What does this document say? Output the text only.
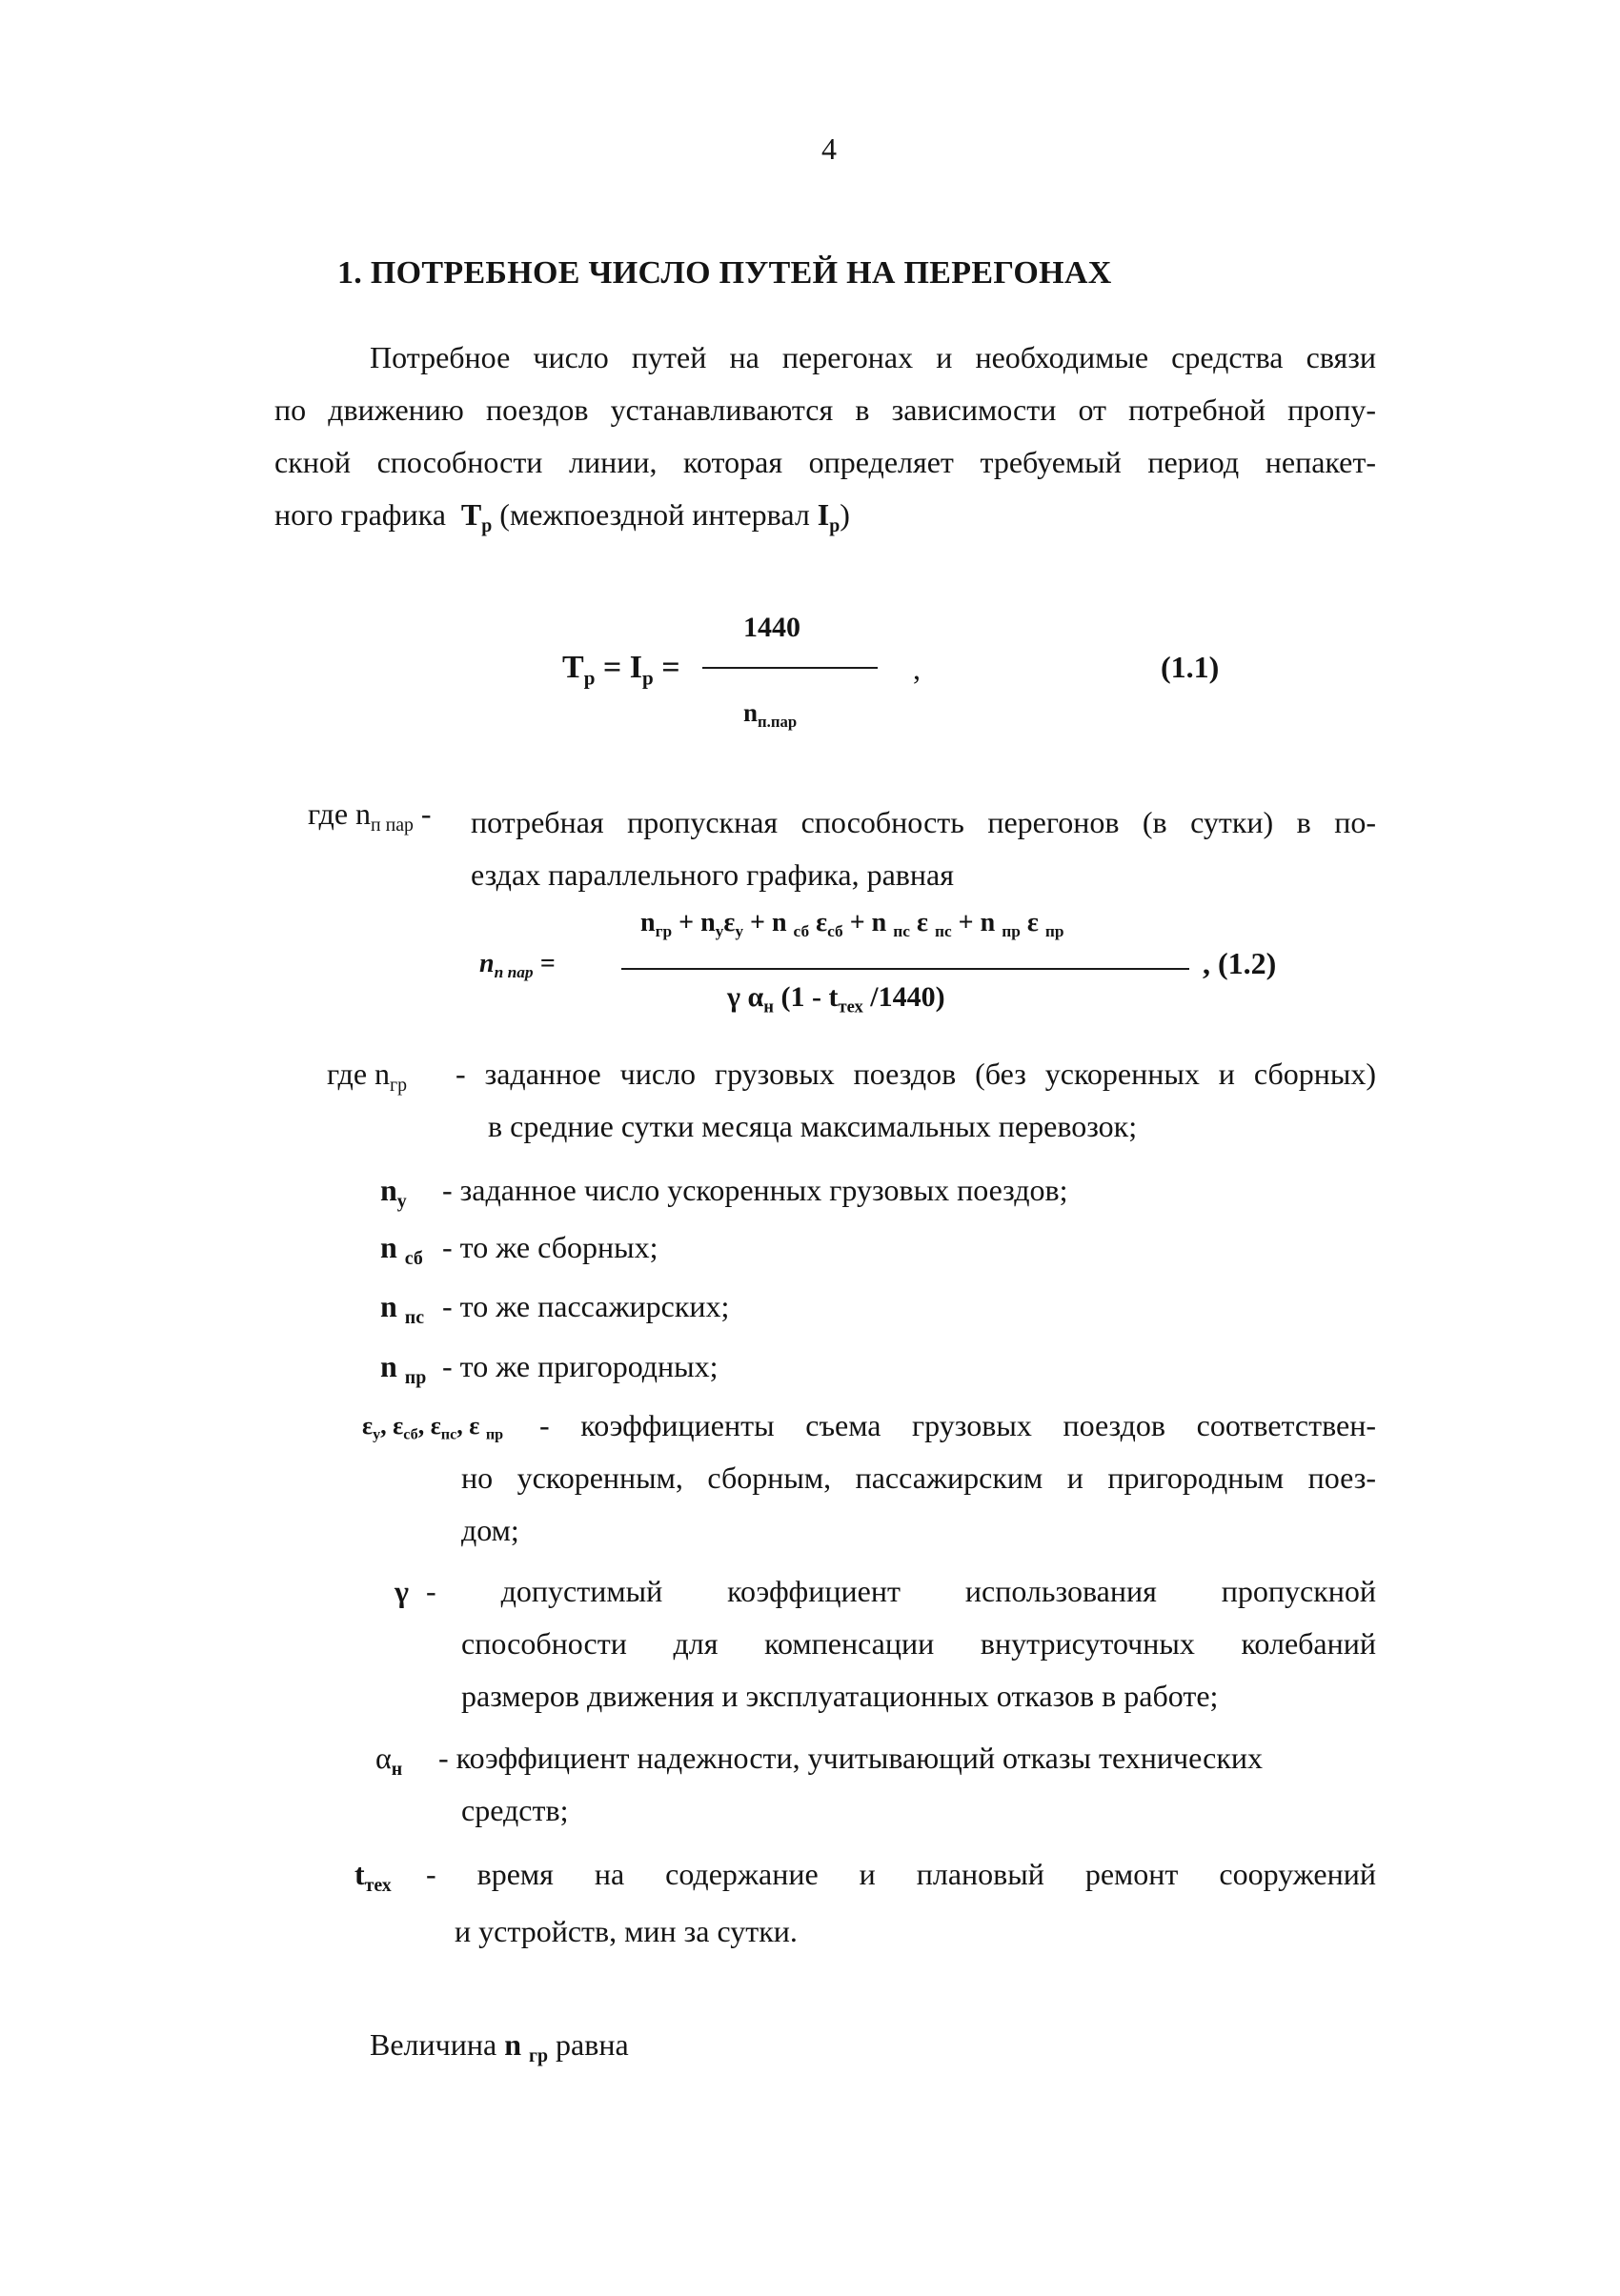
4
1. ПОТРЕБНОЕ ЧИСЛО ПУТЕЙ НА ПЕРЕГОНАХ
Потребное число путей на перегонах и необходимые средства связи
по движению поездов устанавливаются в зависимости от потребной пропу-
скной способности линии, которая определяет требуемый период непакет-
ного графика $T_p$ (межпоездной интервал $I_p$)
$T_p = I_p$ =
1440
$n_{п.пар}$
,	(1.1)
где $n_{п пар}$ - потребная пропускная способность перегонов (в сутки) в по-
ездах параллельного графика, равная
$n_{п пар}$ =
$n_{гр} + n_у\varepsilon_у + n$ $_{сб}$ $\varepsilon_{сб} + n$ $_{пс}$ ε $_{пс}$ + n $_{пр}$ ε $_{пр}$
γ $\alpha_н$ ($1 - t_{тех}$ /1440)
, (1.2)
где $n_{гр}$ - заданное число грузовых поездов (без ускоренных и сборных)
в средние сутки месяца максимальных перевозок;
$n_у$ - заданное число ускоренных грузовых поездов;
n $_{сб}$ - то же сборных;
n $_{пс}$ - то же пассажирских;
n $_{пр}$ - то же пригородных;
$\varepsilon_у$, $\varepsilon_{сб}$, $\varepsilon_{пс}$, ε $_{пр}$ - коэффициенты съема грузовых поездов соответствен-
но ускоренным, сборным, пассажирским и пригородным поез-
дом;
γ - допустимый коэффициент использования пропускной
способности для компенсации внутрисуточных колебаний
размеров движения и эксплуатационных отказов в работе;
$\alpha_н$ - коэффициент надежности, учитывающий отказы технических
средств;
$t_{тех}$ - время на содержание и плановый ремонт сооружений
и устройств, мин за сутки.
Величина n $_{гр}$ равна
